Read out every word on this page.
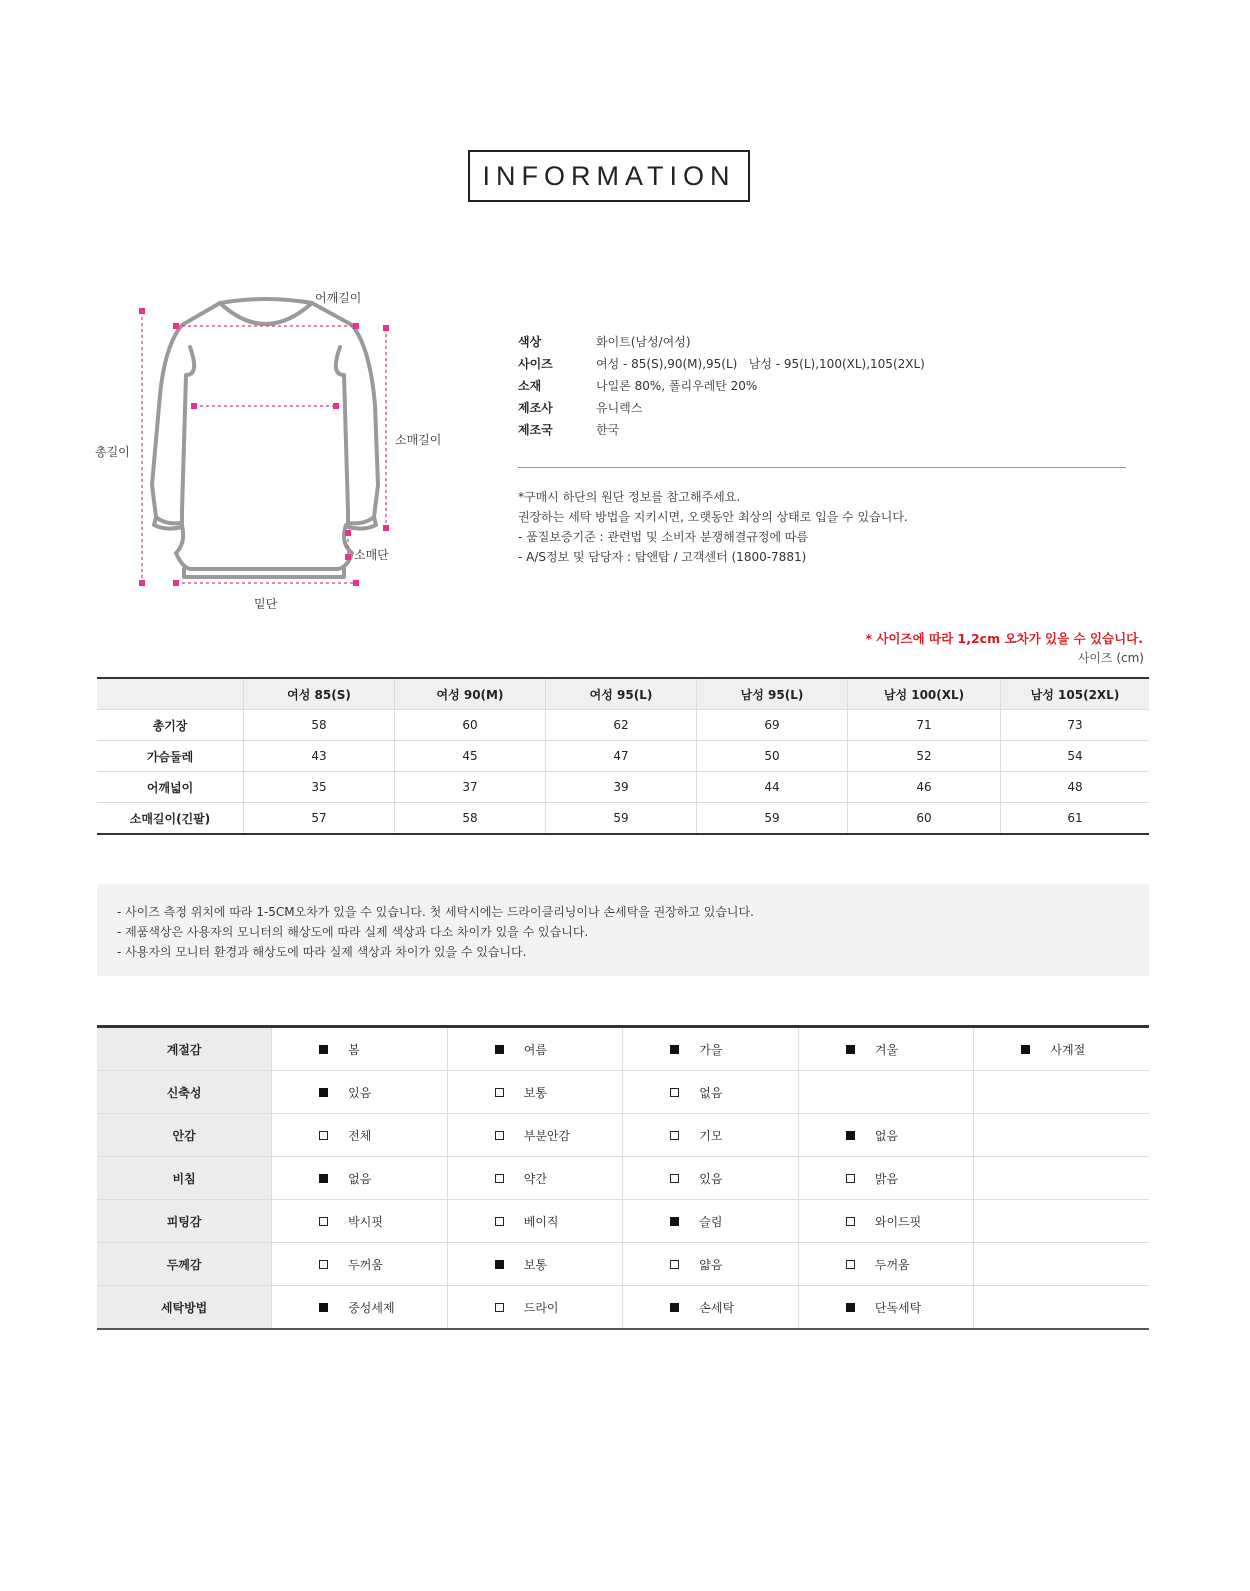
INFORMATION
어깨길이
총길이
소매길이
소매단
밑단
색상	화이트(남성/여성)
사이즈	여성 - 85(S),90(M),95(L)   남성 - 95(L),100(XL),105(2XL)
소재	나일론 80%, 폴리우레탄 20%
제조사	유니렉스
제조국	한국
*구매시 하단의 원단 정보를 참고해주세요.
권장하는 세탁 방법을 지키시면, 오랫동안 최상의 상태로 입을 수 있습니다.
- 품질보증기준 : 관련법 및 소비자 분쟁해결규정에 따름
- A/S정보 및 담당자 : 탑앤탑 / 고객센터 (1800-7881)
* 사이즈에 따라 1,2cm 오차가 있을 수 있습니다.
사이즈 (cm)
	여성 85(S)	여성 90(M)	여성 95(L)	남성 95(L)	남성 100(XL)	남성 105(2XL)
총기장	58	60	62	69	71	73
가슴둘레	43	45	47	50	52	54
어깨넓이	35	37	39	44	46	48
소매길이(긴팔)	57	58	59	59	60	61
- 사이즈 측정 위치에 따라 1-5CM오차가 있을 수 있습니다. 첫 세탁시에는 드라이클리닝이나 손세탁을 권장하고 있습니다.
- 제품색상은 사용자의 모니터의 해상도에 따라 실제 색상과 다소 차이가 있을 수 있습니다.
- 사용자의 모니터 환경과 해상도에 따라 실제 색상과 차이가 있을 수 있습니다.
계절감	봄	여름	가을	겨울	사계절

신축성	있음	보통	없음		

안감	전체	부분안감	기모	없음	

비침	없음	약간	있음	밝음	

피팅감	박시핏	베이직	슬림	와이드핏	

두께감	두꺼움	보통	얇음	두꺼움	

세탁방법	중성세제	드라이	손세탁	단독세탁	
